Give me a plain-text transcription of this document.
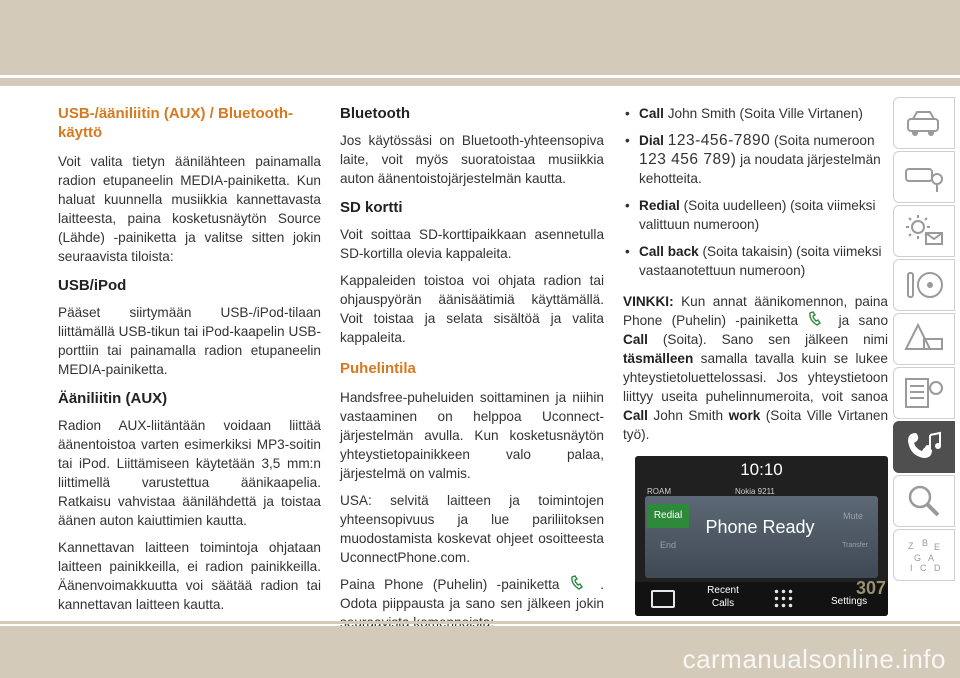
USB-/ääniliitin (AUX) / Bluetooth-käyttö

Voit valita tietyn äänilähteen painamalla radion etupaneelin MEDIA-painiketta. Kun haluat kuunnella musiikkia kannettavasta laitteesta, paina kosketusnäytön Source (Lähde) -painiketta ja valitse sitten jokin seuraavista tiloista:

USB/iPod

Pääset siirtymään USB-/iPod-tilaan liittämällä USB-tikun tai iPod-kaapelin USB-porttiin tai painamalla radion etupaneelin MEDIA-painiketta.

Ääniliitin (AUX)

Radion AUX-liitäntään voidaan liittää äänentoistoa varten esimerkiksi MP3-soitin tai iPod. Liittämiseen käytetään 3,5 mm:n liittimellä varustettua äänikaapelia. Ratkaisu vahvistaa äänilähdettä ja toistaa äänen auton kaiuttimien kautta.

Kannettavan laitteen toimintoja ohjataan laitteen painikkeilla, ei radion painikkeilla. Äänenvoimakkuutta voi säätää radion tai kannettavan laitteen kautta.

Bluetooth

Jos käytössäsi on Bluetooth-yhteensopiva laite, voit myös suoratoistaa musiikkia auton äänentoistojärjestelmän kautta.

SD kortti

Voit soittaa SD-korttipaikkaan asennetulla SD-kortilla olevia kappaleita.

Kappaleiden toistoa voi ohjata radion tai ohjauspyörän äänisäätimiä käyttämällä. Voit toistaa ja selata sisältöä ja valita kappaleita.

Puhelintila

Handsfree-puheluiden soittaminen ja niihin vastaaminen on helppoa Uconnect-järjestelmän avulla. Kun kosketusnäytön yhteystietopainikkeen valo palaa, järjestelmä on valmis.

USA: selvitä laitteen ja toimintojen yhteensopivuus ja lue pariliitoksen muodostamista koskevat ohjeet osoitteesta UconnectPhone.com.

Paina Phone (Puhelin) -painiketta	. Odota piippausta ja sano sen jälkeen jokin

• Call John Smith (Soita Ville Virtanen)
• Dial 123-456-7890 (Soita numeroon 123 456 789) ja noudata järjestelmän kehotteita.
• Redial (Soita uudelleen) (soita viimeksi valittuun numeroon)
• Call back (Soita takaisin) (soita viimeksi vastaanotettuun numeroon)

VINKKI: Kun annat äänikomennon, paina Phone (Puhelin) -painiketta	ja sano Call (Soita). Sano sen jälkeen nimi täsmälleen samalla tavalla kuin se lukee yhteystietoluettelossasi. Jos yhteystietoon liittyy useita puhelinnumeroita, voit sanoa Call John Smith work (Soita Ville Virtanen työ).

10:10
ROAM	Nokia 9211
Redial
End
Phone Ready
Mute
Transfer
Recent Calls	Settings
Z B E
G A
I C D
307
carmanualsonline.info
